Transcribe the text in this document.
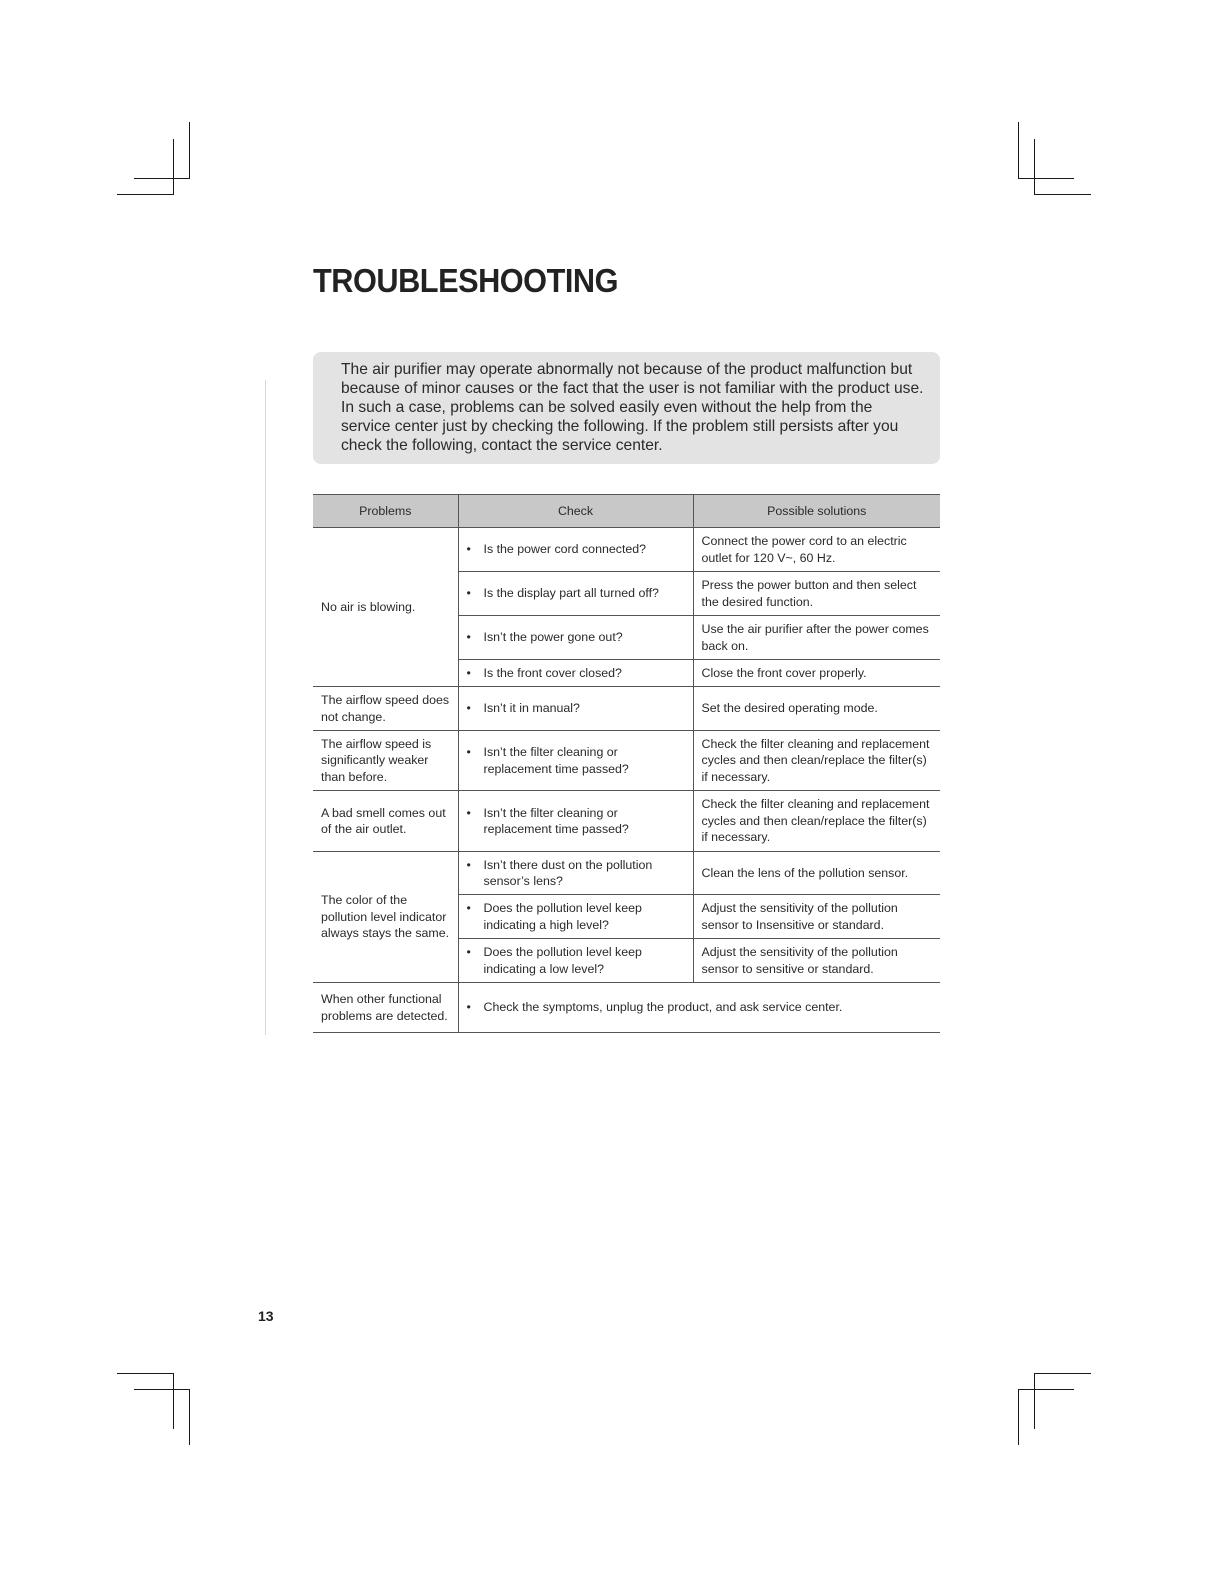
TROUBLESHOOTING

The air purifier may operate abnormally not because of the product malfunction but because of minor causes or the fact that the user is not familiar with the product use. In such a case, problems can be solved easily even without the help from the service center just by checking the following. If the problem still persists after you check the following, contact the service center.

Problems	Check	Possible solutions
No air is blowing.	• Is the power cord connected?	Connect the power cord to an electric outlet for 120 V~, 60 Hz.

	• Is the display part all turned off?	Press the power button and then select the desired function.

	• Isn’t the power gone out?	Use the air purifier after the power comes back on.

	• Is the front cover closed?	Close the front cover properly.
The airflow speed does not change.	• Isn’t it in manual?	Set the desired operating mode.
The airflow speed is significantly weaker than before.	• Isn’t the filter cleaning or replacement time passed?	Check the filter cleaning and replacement cycles and then clean/replace the filter(s) if necessary.
A bad smell comes out of the air outlet.	• Isn’t the filter cleaning or replacement time passed?	Check the filter cleaning and replacement cycles and then clean/replace the filter(s) if necessary.
The color of the pollution level indicator always stays the same.	• Isn’t there dust on the pollution sensor’s lens?	Clean the lens of the pollution sensor.

	• Does the pollution level keep indicating a high level?	Adjust the sensitivity of the pollution sensor to Insensitive or standard.

	• Does the pollution level keep indicating a low level?	Adjust the sensitivity of the pollution sensor to sensitive or standard.
When other functional problems are detected.	• Check the symptoms, unplug the product, and ask service center.	
13
